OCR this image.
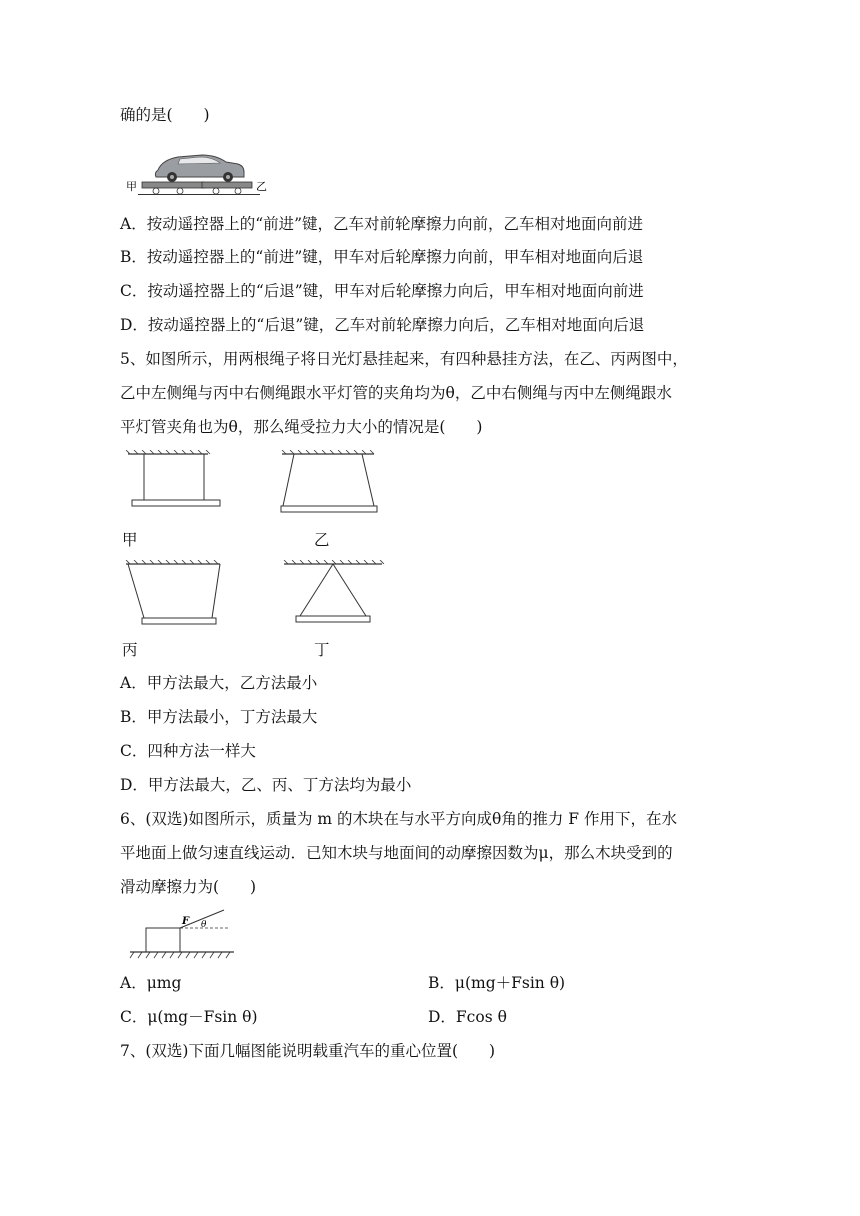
确的是(　　)
甲	乙
A．按动遥控器上的“前进”键，乙车对前轮摩擦力向前，乙车相对地面向前进
B．按动遥控器上的“前进”键，甲车对后轮摩擦力向前，甲车相对地面向后退
C．按动遥控器上的“后退”键，甲车对后轮摩擦力向后，甲车相对地面向前进
D．按动遥控器上的“后退”键，乙车对前轮摩擦力向后，乙车相对地面向后退
5、如图所示，用两根绳子将日光灯悬挂起来，有四种悬挂方法，在乙、丙两图中，
乙中左侧绳与丙中右侧绳跟水平灯管的夹角均为θ，乙中右侧绳与丙中左侧绳跟水
平灯管夹角也为θ，那么绳受拉力大小的情况是(　　)
甲	乙
丙	丁
A．甲方法最大，乙方法最小
B．甲方法最小，丁方法最大
C．四种方法一样大
D．甲方法最大，乙、丙、丁方法均为最小
6、(双选)如图所示，质量为 m 的木块在与水平方向成θ角的推力 F 作用下，在水
平地面上做匀速直线运动．已知木块与地面间的动摩擦因数为μ，那么木块受到的
滑动摩擦力为(　　)
F θ
A．μmg	B．μ(mg＋Fsin θ)
C．μ(mg－Fsin θ)	D．Fcos θ
7、(双选)下面几幅图能说明载重汽车的重心位置(　　)
